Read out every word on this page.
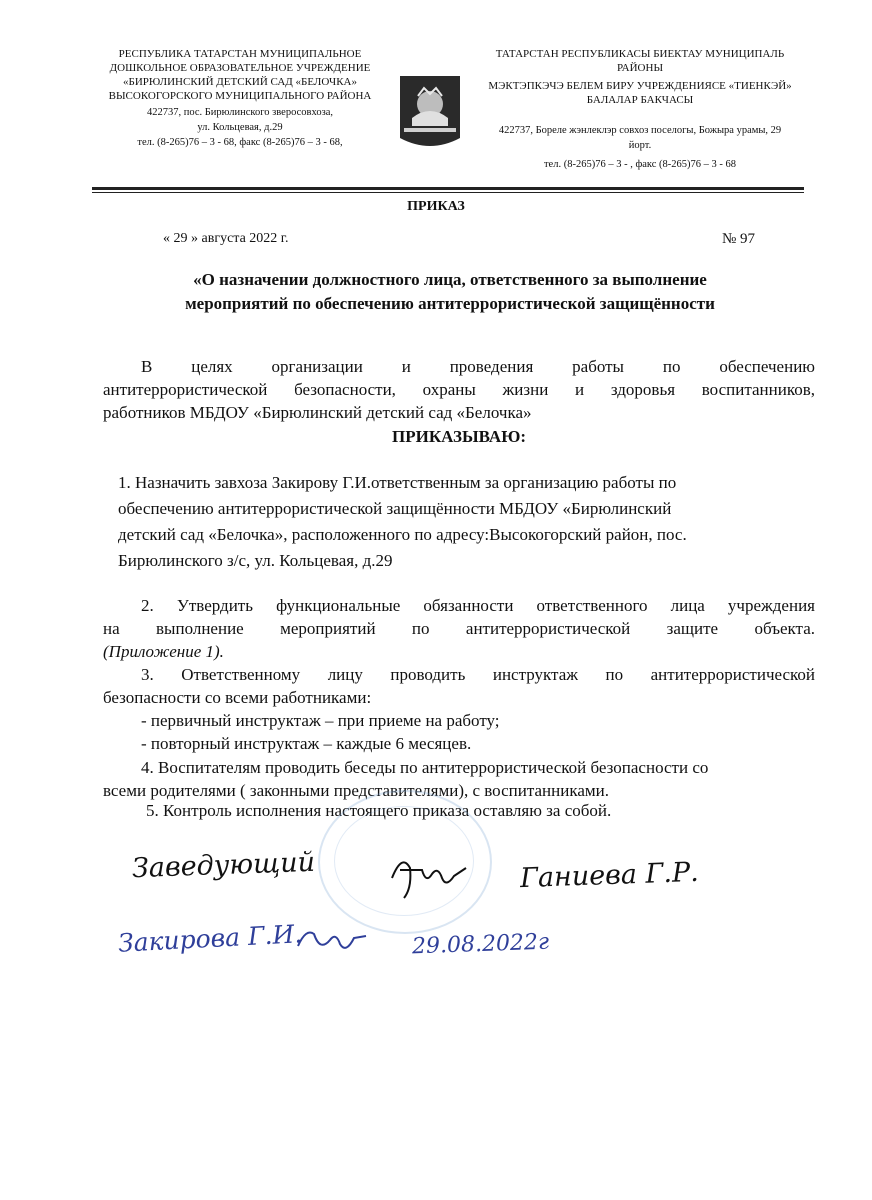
РЕСПУБЛИКА ТАТАРСТАН МУНИЦИПАЛЬНОЕ
ДОШКОЛЬНОЕ ОБРАЗОВАТЕЛЬНОЕ УЧРЕЖДЕНИЕ
«БИРЮЛИНСКИЙ ДЕТСКИЙ САД «БЕЛОЧКА»
ВЫСОКОГОРСКОГО МУНИЦИПАЛЬНОГО РАЙОНА
422737, пос. Бирюлинского зверосовхоза,
ул. Кольцевая, д.29
тел. (8-265)76 – 3 - 68, факс (8-265)76 – 3 - 68,
ТАТАРСТАН РЕСПУБЛИКАСЫ БИЕКТАУ МУНИЦИПАЛЬ
РАЙОНЫ
МЭКТЭПКЭЧЭ БЕЛЕМ БИРУ УЧРЕЖДЕНИЯСЕ «ТИЕНКЭЙ»
БАЛАЛАР БАКЧАСЫ
422737, Бореле жэнлеклэр совхоз поселогы, Божыра урамы, 29
йорт.
тел. (8-265)76 – 3 - , факс (8-265)76 – 3 - 68
ПРИКАЗ
« 29 » августа 2022 г.	№ 97
«О назначении должностного лица, ответственного за выполнение
мероприятий по обеспечению антитеррористической защищённости
В целях организации и проведения работы по обеспечению
антитеррористической безопасности, охраны жизни и здоровья воспитанников,
работников МБДОУ «Бирюлинский детский сад «Белочка»
ПРИКАЗЫВАЮ:
1. Назначить завхоза Закирову Г.И.ответственным за организацию работы по
обеспечению антитеррористической защищённости МБДОУ «Бирюлинский
детский сад «Белочка», расположенного по адресу:Высокогорский район, пос.
Бирюлинского з/с, ул. Кольцевая, д.29
2. Утвердить функциональные обязанности ответственного лица учреждения
на выполнение мероприятий по антитеррористической защите объекта.
(Приложение 1).
3. Ответственному лицу проводить инструктаж по антитеррористической
безопасности со всеми работниками:
- первичный инструктаж – при приеме на работу;
- повторный инструктаж – каждые 6 месяцев.
4. Воспитателям проводить беседы по антитеррористической безопасности со
всеми родителями ( законными представителями), с воспитанниками.
5. Контроль исполнения настоящего приказа оставляю за собой.
Заведующий	Ганиева Г.Р.
Закирова Г.И.	29.08.2022г
